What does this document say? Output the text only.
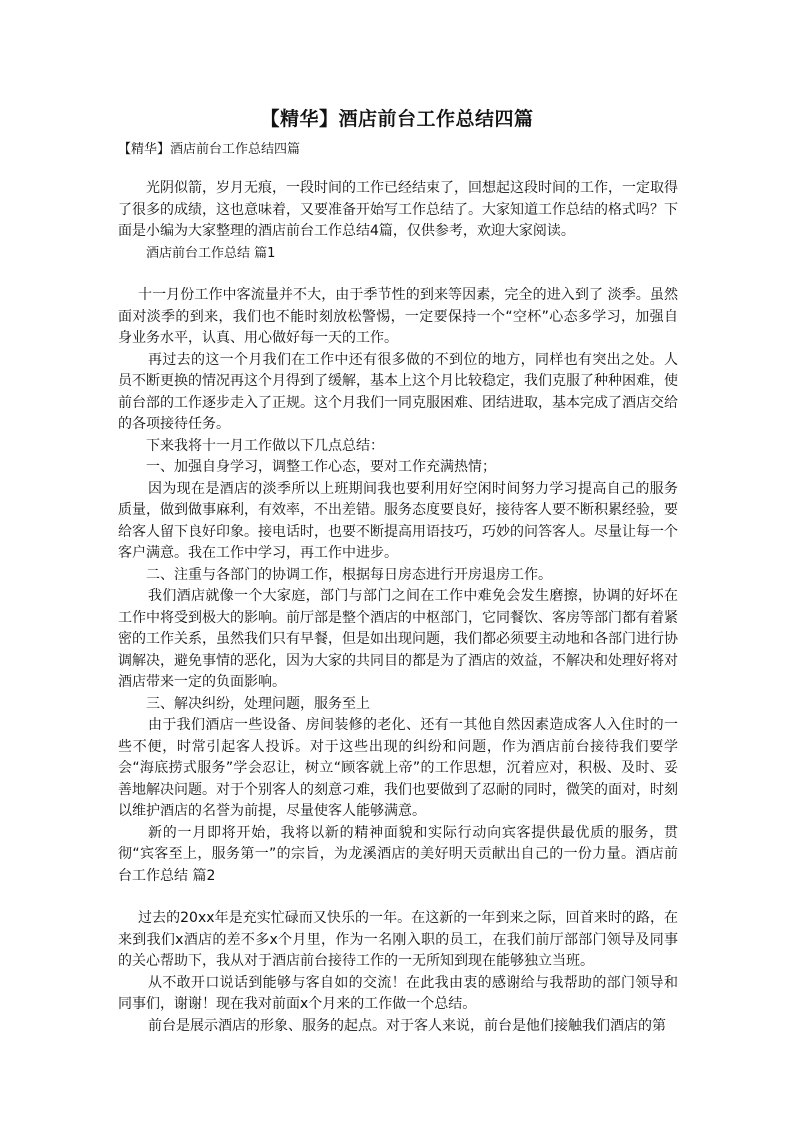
【精华】酒店前台工作总结四篇

【精华】酒店前台工作总结四篇

光阴似箭，岁月无痕，一段时间的工作已经结束了，回想起这段时间的工作，一定取得了很多的成绩，这也意味着，又要准备开始写工作总结了。大家知道工作总结的格式吗？下面是小编为大家整理的酒店前台工作总结4篇，仅供参考，欢迎大家阅读。

酒店前台工作总结 篇1

十一月份工作中客流量并不大，由于季节性的到来等因素，完全的进入到了 淡季。虽然面对淡季的到来，我们也不能时刻放松警惕，一定要保持一个“空杯”心态多学习，加强自身业务水平，认真、用心做好每一天的工作。

再过去的这一个月我们在工作中还有很多做的不到位的地方，同样也有突出之处。人员不断更换的情况再这个月得到了缓解，基本上这个月比较稳定，我们克服了种种困难，使前台部的工作逐步走入了正规。这个月我们一同克服困难、团结进取，基本完成了酒店交给的各项接待任务。

下来我将十一月工作做以下几点总结：

一、加强自身学习，调整工作心态，要对工作充满热情；

因为现在是酒店的淡季所以上班期间我也要利用好空闲时间努力学习提高自己的服务质量，做到做事麻利，有效率，不出差错。服务态度要良好，接待客人要不断积累经验，要给客人留下良好印象。接电话时，也要不断提高用语技巧，巧妙的问答客人。尽量让每一个客户满意。我在工作中学习，再工作中进步。

二、注重与各部门的协调工作，根据每日房态进行开房退房工作。

我们酒店就像一个大家庭，部门与部门之间在工作中难免会发生磨擦，协调的好坏在工作中将受到极大的影响。前厅部是整个酒店的中枢部门，它同餐饮、客房等部门都有着紧密的工作关系，虽然我们只有早餐，但是如出现问题，我们都必须要主动地和各部门进行协调解决，避免事情的恶化，因为大家的共同目的都是为了酒店的效益，不解决和处理好将对酒店带来一定的负面影响。

三、解决纠纷，处理问题，服务至上

由于我们酒店一些设备、房间装修的老化、还有一其他自然因素造成客人入住时的一些不便，时常引起客人投诉。对于这些出现的纠纷和问题，作为酒店前台接待我们要学会“海底捞式服务”学会忍让，树立“顾客就上帝”的工作思想，沉着应对，积极、及时、妥善地解决问题。对于个别客人的刻意刁难，我们也要做到了忍耐的同时，微笑的面对，时刻以维护酒店的名誉为前提，尽量使客人能够满意。

新的一月即将开始，我将以新的精神面貌和实际行动向宾客提供最优质的服务，贯彻“宾客至上，服务第一”的宗旨，为龙溪酒店的美好明天贡献出自己的一份力量。酒店前台工作总结 篇2

过去的20xx年是充实忙碌而又快乐的一年。在这新的一年到来之际，回首来时的路，在来到我们x酒店的差不多x个月里，作为一名刚入职的员工，在我们前厅部部门领导及同事的关心帮助下，我从对于酒店前台接待工作的一无所知到现在能够独立当班。

从不敢开口说话到能够与客自如的交流！在此我由衷的感谢给与我帮助的部门领导和同事们，谢谢！现在我对前面x个月来的工作做一个总结。

前台是展示酒店的形象、服务的起点。对于客人来说，前台是他们接触我们酒店的第
